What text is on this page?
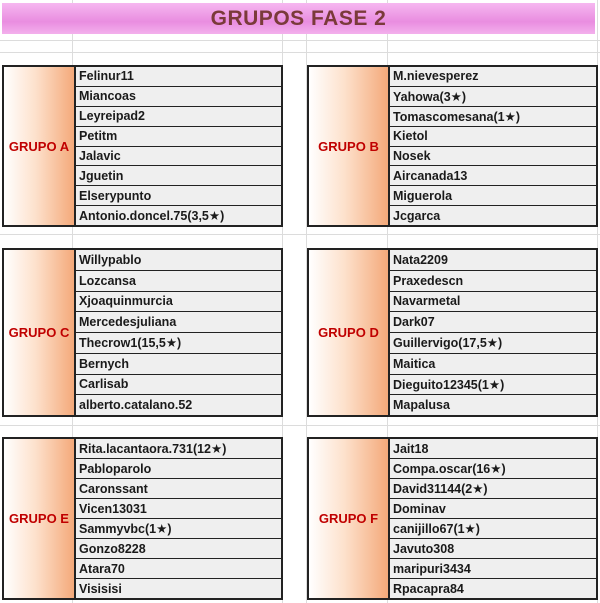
GRUPOS FASE 2
GRUPO A
Felinur11
Miancoas
Leyreipad2
Petitm
Jalavic
Jguetin
Elserypunto
Antonio.doncel.75(3,5★)
GRUPO B
M.nievesperez
Yahowa(3★)
Tomascomesana(1★)
Kietol
Nosek
Aircanada13
Miguerola
Jcgarca
GRUPO C
Willypablo
Lozcansa
Xjoaquinmurcia
Mercedesjuliana
Thecrow1(15,5★)
Bernych
Carlisab
alberto.catalano.52
GRUPO D
Nata2209
Praxedescn
Navarmetal
Dark07
Guillervigo(17,5★)
Maitica
Dieguito12345(1★)
Mapalusa
GRUPO E
Rita.lacantaora.731(12★)
Pabloparolo
Caronssant
Vicen13031
Sammyvbc(1★)
Gonzo8228
Atara70
Visisisi
GRUPO F
Jait18
Compa.oscar(16★)
David31144(2★)
Dominav
canijillo67(1★)
Javuto308
maripuri3434
Rpacapra84
